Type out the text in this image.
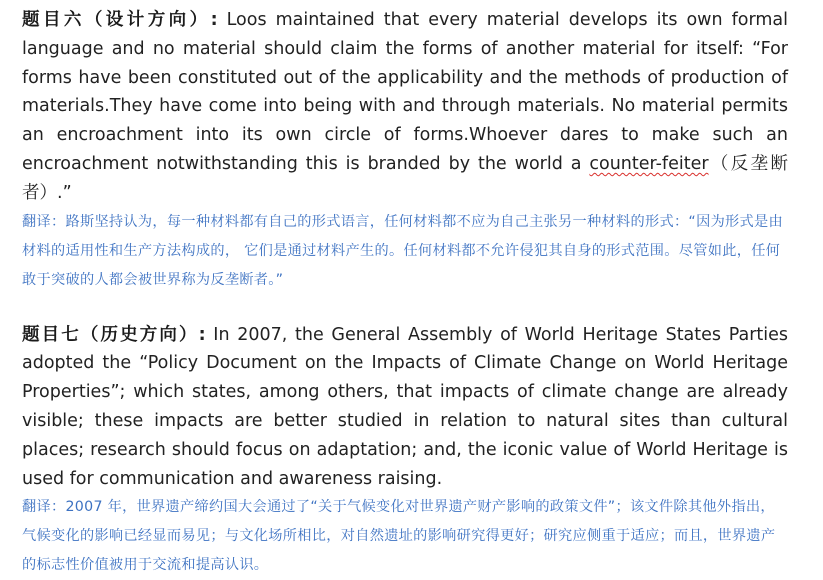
题目六（设计方向）: Loos maintained that every material develops its own formal language and no material should claim the forms of another material for itself: “For forms have been constituted out of the applicability and the methods of production of materials.They have come into being with and through materials. No material permits an encroachment into its own circle of forms.Whoever dares to make such an encroachment notwithstanding this is branded by the world a counter-feiter（反垄断者）.”

翻译：路斯坚持认为，每一种材料都有自己的形式语言，任何材料都不应为自己主张另一种材料的形式：“因为形式是由材料的适用性和生产方法构成的， 它们是通过材料产生的。任何材料都不允许侵犯其自身的形式范围。尽管如此，任何敢于突破的人都会被世界称为反垄断者。”

题目七（历史方向）: In 2007, the General Assembly of World Heritage States Parties adopted the “Policy Document on the Impacts of Climate Change on World Heritage Properties”; which states, among others, that impacts of climate change are already visible; these impacts are better studied in relation to natural sites than cultural places; research should focus on adaptation; and, the iconic value of World Heritage is used for communication and awareness raising.

翻译：2007 年，世界遗产缔约国大会通过了“关于气候变化对世界遗产财产影响的政策文件”；该文件除其他外指出，气候变化的影响已经显而易见；与文化场所相比，对自然遗址的影响研究得更好；研究应侧重于适应；而且，世界遗产的标志性价值被用于交流和提高认识。
